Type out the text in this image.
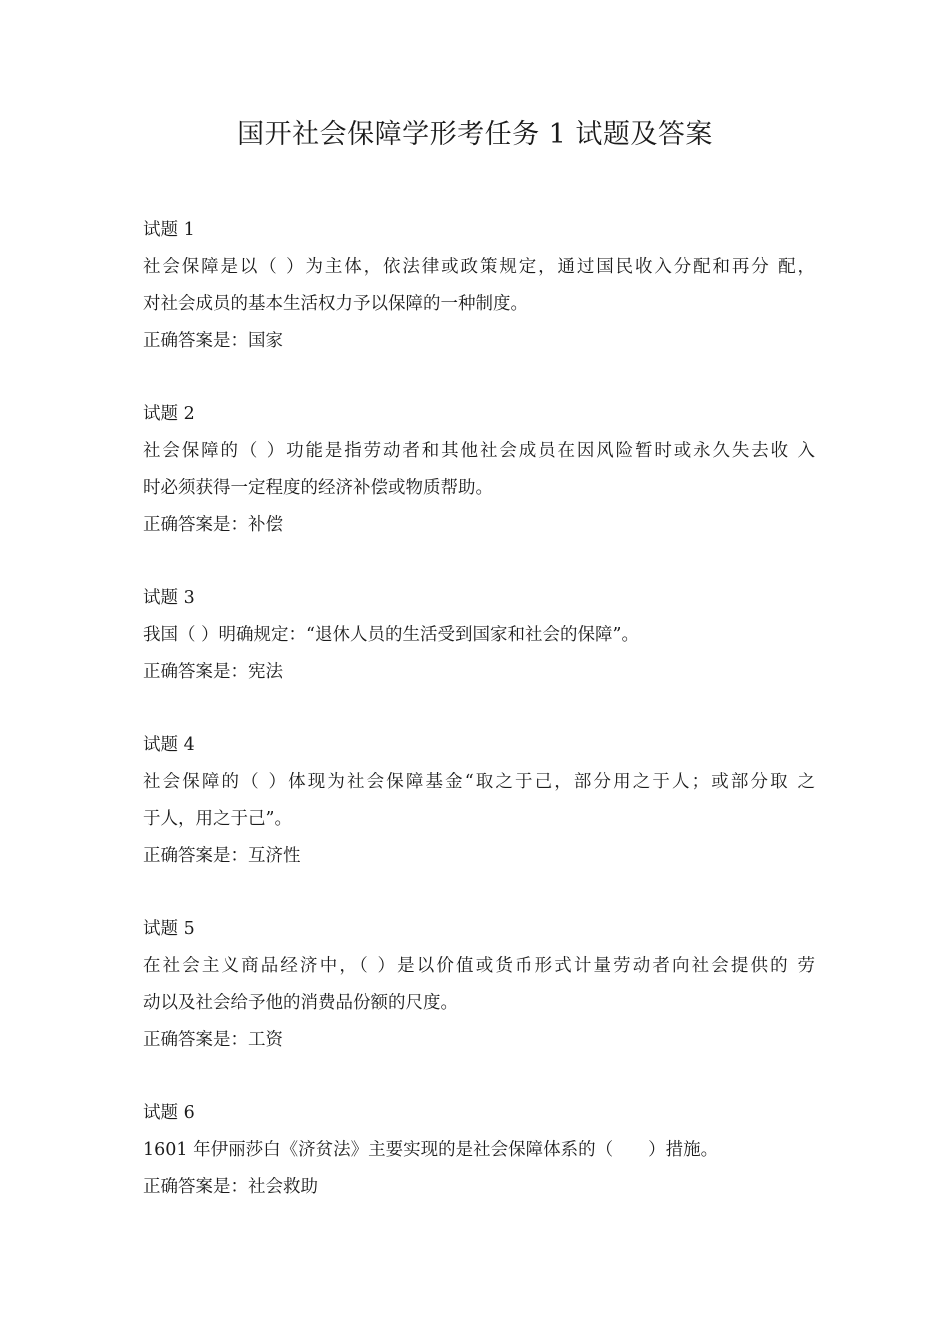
国开社会保障学形考任务 1 试题及答案
试题 1
社会保障是以（ ）为主体，依法律或政策规定，通过国民收入分配和再分 配，
对社会成员的基本生活权力予以保障的一种制度。
正确答案是：国家
试题 2
社会保障的（ ）功能是指劳动者和其他社会成员在因风险暂时或永久失去收 入
时必须获得一定程度的经济补偿或物质帮助。
正确答案是：补偿
试题 3
我国（ ）明确规定：“退休人员的生活受到国家和社会的保障”。
正确答案是：宪法
试题 4
社会保障的（ ）体现为社会保障基金“取之于己，部分用之于人；或部分取 之
于人，用之于己”。
正确答案是：互济性
试题 5
在社会主义商品经济中，（ ）是以价值或货币形式计量劳动者向社会提供的 劳
动以及社会给予他的消费品份额的尺度。
正确答案是：工资
试题 6
1601 年伊丽莎白《济贫法》主要实现的是社会保障体系的（　　）措施。
正确答案是：社会救助
